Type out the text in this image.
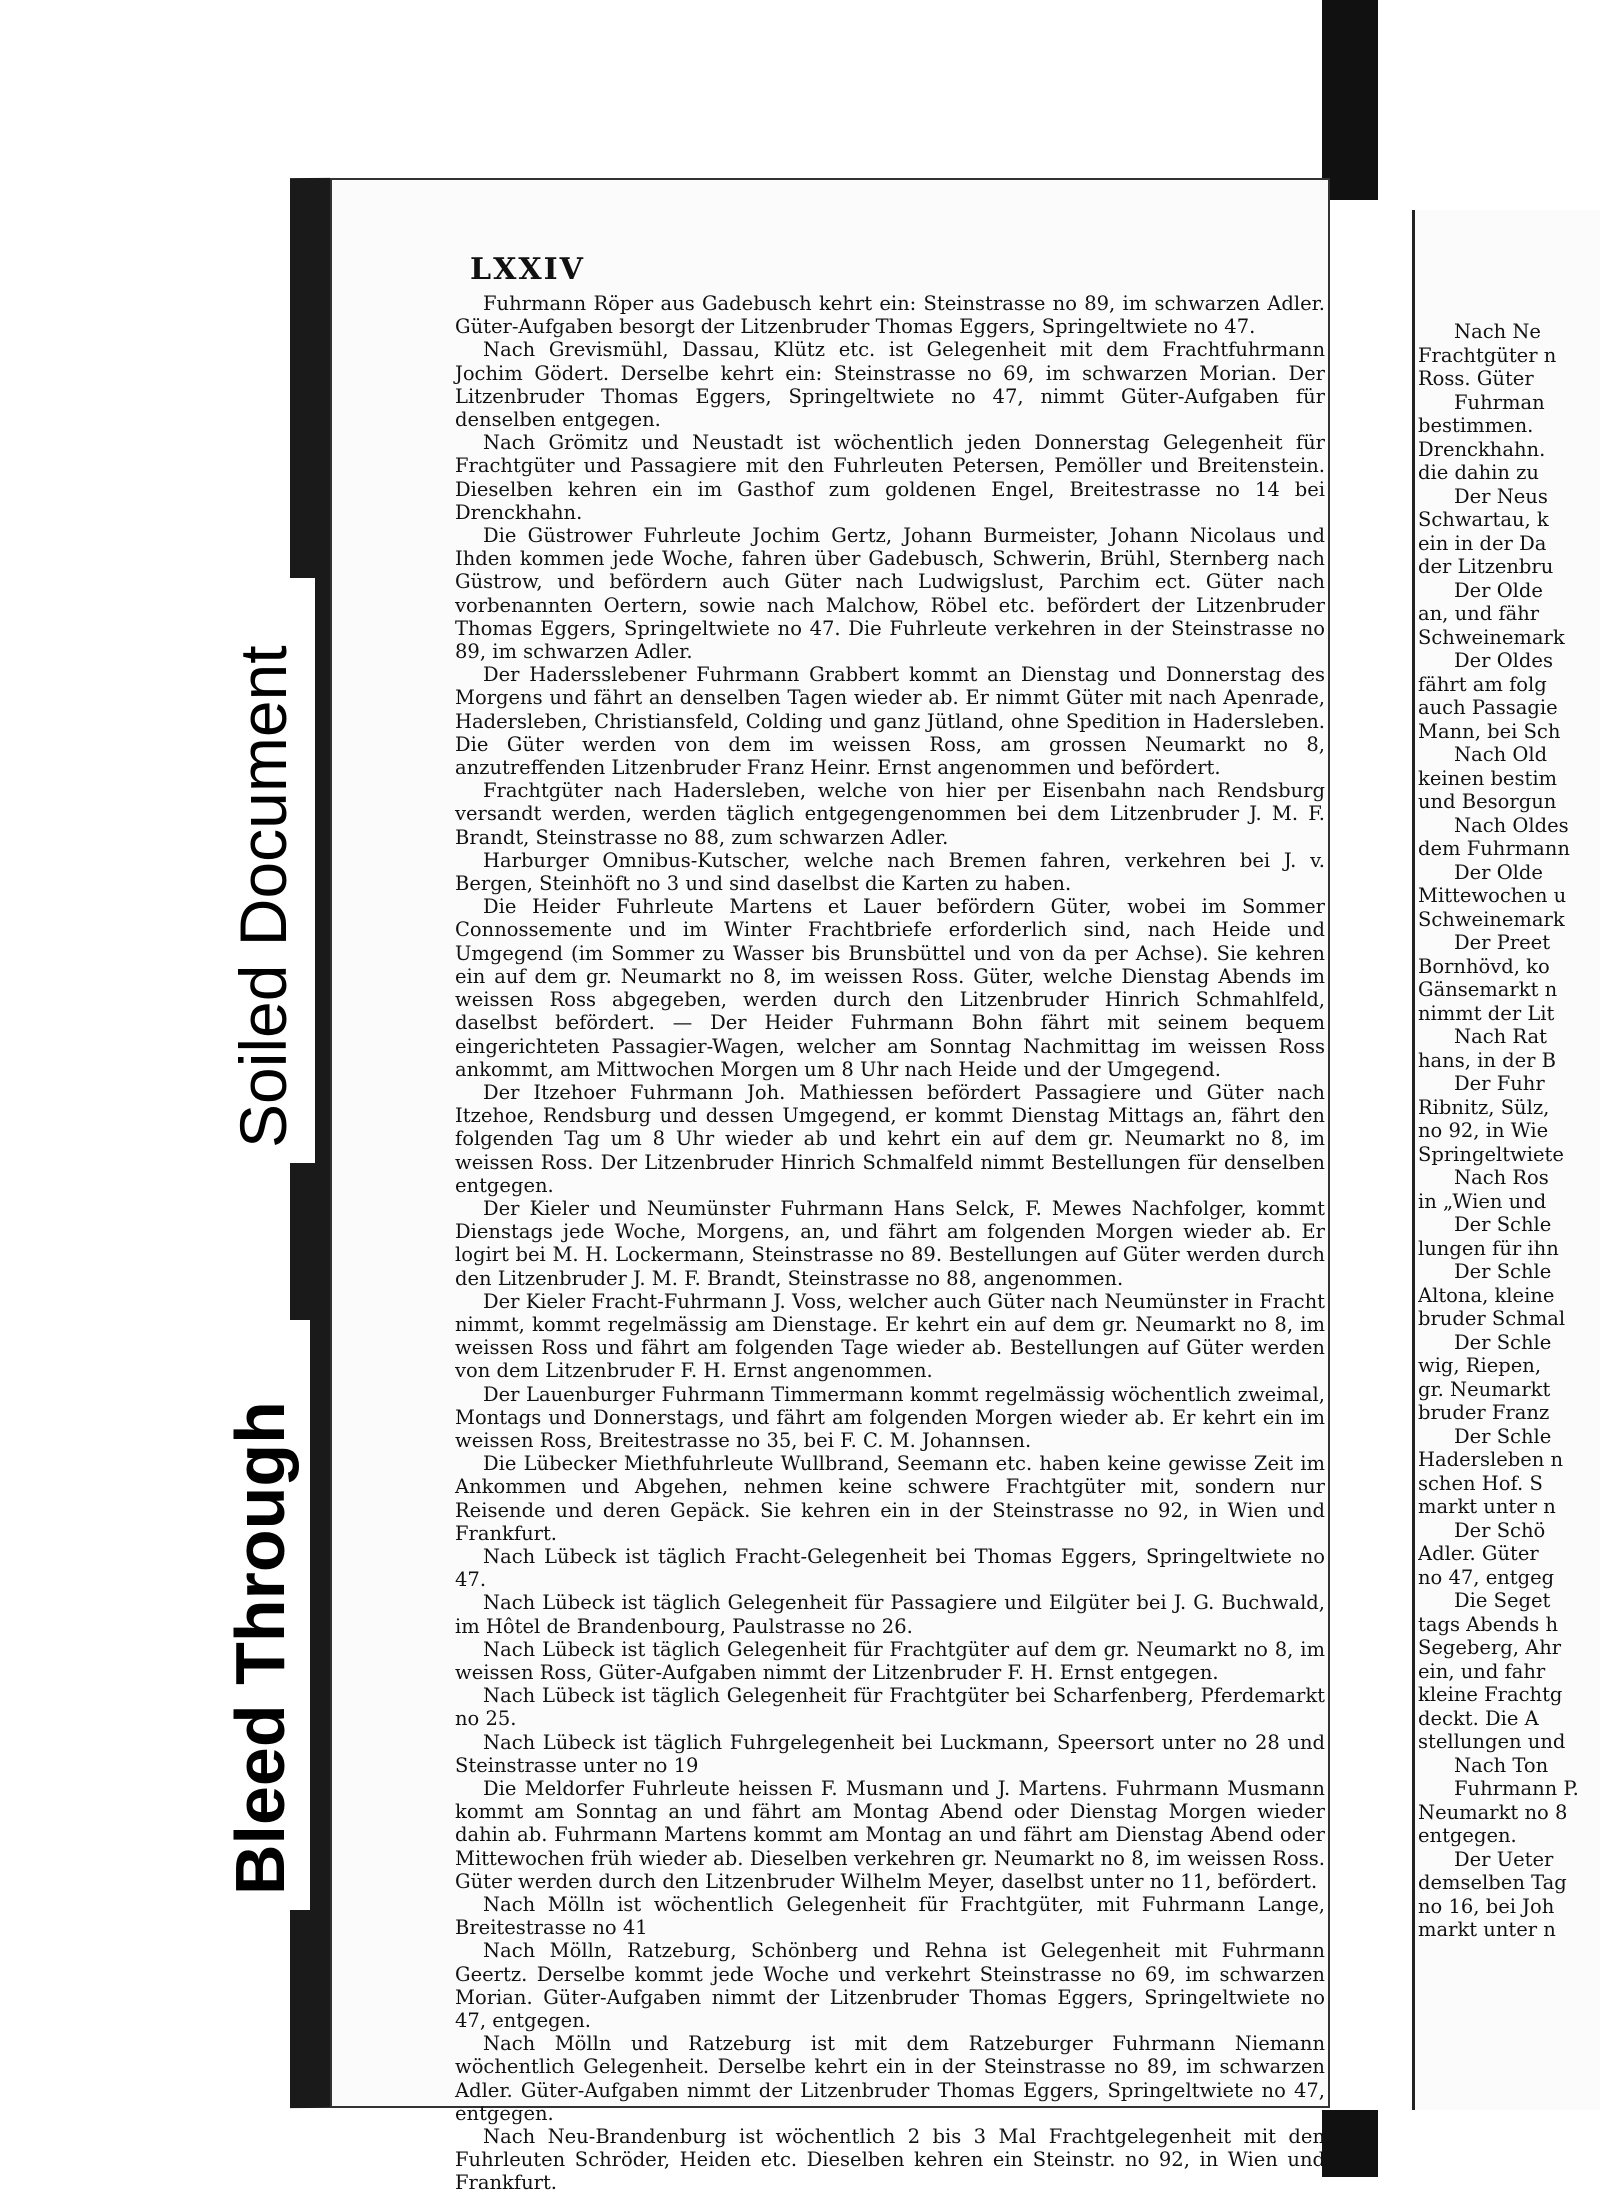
Soiled Document
Bleed Through
LXXIV

Fuhrmann Röper aus Gadebusch kehrt ein: Steinstrasse no 89, im schwarzen Adler. Güter-Aufgaben besorgt der Litzenbruder Thomas Eggers, Springeltwiete no 47.

Nach Grevismühl, Dassau, Klütz etc. ist Gelegenheit mit dem Frachtfuhrmann Jochim Gödert. Derselbe kehrt ein: Steinstrasse no 69, im schwarzen Morian. Der Litzenbruder Thomas Eggers, Springeltwiete no 47, nimmt Güter-Aufgaben für denselben entgegen.

Nach Grömitz und Neustadt ist wöchentlich jeden Donnerstag Gelegenheit für Frachtgüter und Passagiere mit den Fuhrleuten Petersen, Pemöller und Breitenstein. Dieselben kehren ein im Gasthof zum goldenen Engel, Breitestrasse no 14 bei Drenckhahn.

Die Güstrower Fuhrleute Jochim Gertz, Johann Burmeister, Johann Nicolaus und Ihden kommen jede Woche, fahren über Gadebusch, Schwerin, Brühl, Sternberg nach Güstrow, und befördern auch Güter nach Ludwigslust, Parchim ect. Güter nach vorbenannten Oertern, sowie nach Malchow, Röbel etc. befördert der Litzenbruder Thomas Eggers, Springeltwiete no 47. Die Fuhrleute verkehren in der Steinstrasse no 89, im schwarzen Adler.

Der Hadersslebener Fuhrmann Grabbert kommt an Dienstag und Donnerstag des Morgens und fährt an denselben Tagen wieder ab. Er nimmt Güter mit nach Apenrade, Hadersleben, Christiansfeld, Colding und ganz Jütland, ohne Spedition in Hadersleben. Die Güter werden von dem im weissen Ross, am grossen Neumarkt no 8, anzutreffenden Litzenbruder Franz Heinr. Ernst angenommen und befördert.

Frachtgüter nach Hadersleben, welche von hier per Eisenbahn nach Rendsburg versandt werden, werden täglich entgegengenommen bei dem Litzenbruder J. M. F. Brandt, Steinstrasse no 88, zum schwarzen Adler.

Harburger Omnibus-Kutscher, welche nach Bremen fahren, verkehren bei J. v. Bergen, Steinhöft no 3 und sind daselbst die Karten zu haben.

Die Heider Fuhrleute Martens et Lauer befördern Güter, wobei im Sommer Connossemente und im Winter Frachtbriefe erforderlich sind, nach Heide und Umgegend (im Sommer zu Wasser bis Brunsbüttel und von da per Achse). Sie kehren ein auf dem gr. Neumarkt no 8, im weissen Ross. Güter, welche Dienstag Abends im weissen Ross abgegeben, werden durch den Litzenbruder Hinrich Schmahlfeld, daselbst befördert. — Der Heider Fuhrmann Bohn fährt mit seinem bequem eingerichteten Passagier-Wagen, welcher am Sonntag Nachmittag im weissen Ross ankommt, am Mittwochen Morgen um 8 Uhr nach Heide und der Umgegend.

Der Itzehoer Fuhrmann Joh. Mathiessen befördert Passagiere und Güter nach Itzehoe, Rendsburg und dessen Umgegend, er kommt Dienstag Mittags an, fährt den folgenden Tag um 8 Uhr wieder ab und kehrt ein auf dem gr. Neumarkt no 8, im weissen Ross. Der Litzenbruder Hinrich Schmalfeld nimmt Bestellungen für denselben entgegen.

Der Kieler und Neumünster Fuhrmann Hans Selck, F. Mewes Nachfolger, kommt Dienstags jede Woche, Morgens, an, und fährt am folgenden Morgen wieder ab. Er logirt bei M. H. Lockermann, Steinstrasse no 89. Bestellungen auf Güter werden durch den Litzenbruder J. M. F. Brandt, Steinstrasse no 88, angenommen.

Der Kieler Fracht-Fuhrmann J. Voss, welcher auch Güter nach Neumünster in Fracht nimmt, kommt regelmässig am Dienstage. Er kehrt ein auf dem gr. Neumarkt no 8, im weissen Ross und fährt am folgenden Tage wieder ab. Bestellungen auf Güter werden von dem Litzenbruder F. H. Ernst angenommen.

Der Lauenburger Fuhrmann Timmermann kommt regelmässig wöchentlich zweimal, Montags und Donnerstags, und fährt am folgenden Morgen wieder ab. Er kehrt ein im weissen Ross, Breitestrasse no 35, bei F. C. M. Johannsen.

Die Lübecker Miethfuhrleute Wullbrand, Seemann etc. haben keine gewisse Zeit im Ankommen und Abgehen, nehmen keine schwere Frachtgüter mit, sondern nur Reisende und deren Gepäck. Sie kehren ein in der Steinstrasse no 92, in Wien und Frankfurt.

Nach Lübeck ist täglich Fracht-Gelegenheit bei Thomas Eggers, Springeltwiete no 47.

Nach Lübeck ist täglich Gelegenheit für Passagiere und Eilgüter bei J. G. Buchwald, im Hôtel de Brandenbourg, Paulstrasse no 26.

Nach Lübeck ist täglich Gelegenheit für Frachtgüter auf dem gr. Neumarkt no 8, im weissen Ross, Güter-Aufgaben nimmt der Litzenbruder F. H. Ernst entgegen.

Nach Lübeck ist täglich Gelegenheit für Frachtgüter bei Scharfenberg, Pferdemarkt no 25.

Nach Lübeck ist täglich Fuhrgelegenheit bei Luckmann, Speersort unter no 28 und Steinstrasse unter no 19

Die Meldorfer Fuhrleute heissen F. Musmann und J. Martens. Fuhrmann Musmann kommt am Sonntag an und fährt am Montag Abend oder Dienstag Morgen wieder dahin ab. Fuhrmann Martens kommt am Montag an und fährt am Dienstag Abend oder Mittewochen früh wieder ab. Dieselben verkehren gr. Neumarkt no 8, im weissen Ross. Güter werden durch den Litzenbruder Wilhelm Meyer, daselbst unter no 11, befördert.

Nach Mölln ist wöchentlich Gelegenheit für Frachtgüter, mit Fuhrmann Lange, Breitestrasse no 41

Nach Mölln, Ratzeburg, Schönberg und Rehna ist Gelegenheit mit Fuhrmann Geertz. Derselbe kommt jede Woche und verkehrt Steinstrasse no 69, im schwarzen Morian. Güter-Aufgaben nimmt der Litzenbruder Thomas Eggers, Springeltwiete no 47, entgegen.

Nach Mölln und Ratzeburg ist mit dem Ratzeburger Fuhrmann Niemann wöchentlich Gelegenheit. Derselbe kehrt ein in der Steinstrasse no 89, im schwarzen Adler. Güter-Aufgaben nimmt der Litzenbruder Thomas Eggers, Springeltwiete no 47, entgegen.

Nach Neu-Brandenburg ist wöchentlich 2 bis 3 Mal Frachtgelegenheit mit den Fuhrleuten Schröder, Heiden etc. Dieselben kehren ein Steinstr. no 92, in Wien und Frankfurt.

Nach Ne
Frachtgüter n
Ross. Güter
Fuhrman
bestimmen.
Drenckhahn.
die dahin zu
Der Neus
Schwartau, k
ein in der Da
der Litzenbru
Der Olde
an, und fähr
Schweinemark
Der Oldes
fährt am folg
auch Passagie
Mann, bei Sch
Nach Old
keinen bestim
und Besorgun
Nach Oldes
dem Fuhrmann
Der Olde
Mittewochen u
Schweinemark
Der Preet
Bornhövd, ko
Gänsemarkt n
nimmt der Lit
Nach Rat
hans, in der B
Der Fuhr
Ribnitz, Sülz,
no 92, in Wie
Springeltwiete
Nach Ros
in „Wien und
Der Schle
lungen für ihn
Der Schle
Altona, kleine
bruder Schmal
Der Schle
wig, Riepen,
gr. Neumarkt
bruder Franz
Der Schle
Hadersleben n
schen Hof. S
markt unter n
Der Schö
Adler. Güter
no 47, entgeg
Die Seget
tags Abends h
Segeberg, Ahr
ein, und fahr
kleine Frachtg
deckt. Die A
stellungen und
Nach Ton
Fuhrmann P.
Neumarkt no 8
entgegen.
Der Ueter
demselben Tag
no 16, bei Joh
markt unter n
